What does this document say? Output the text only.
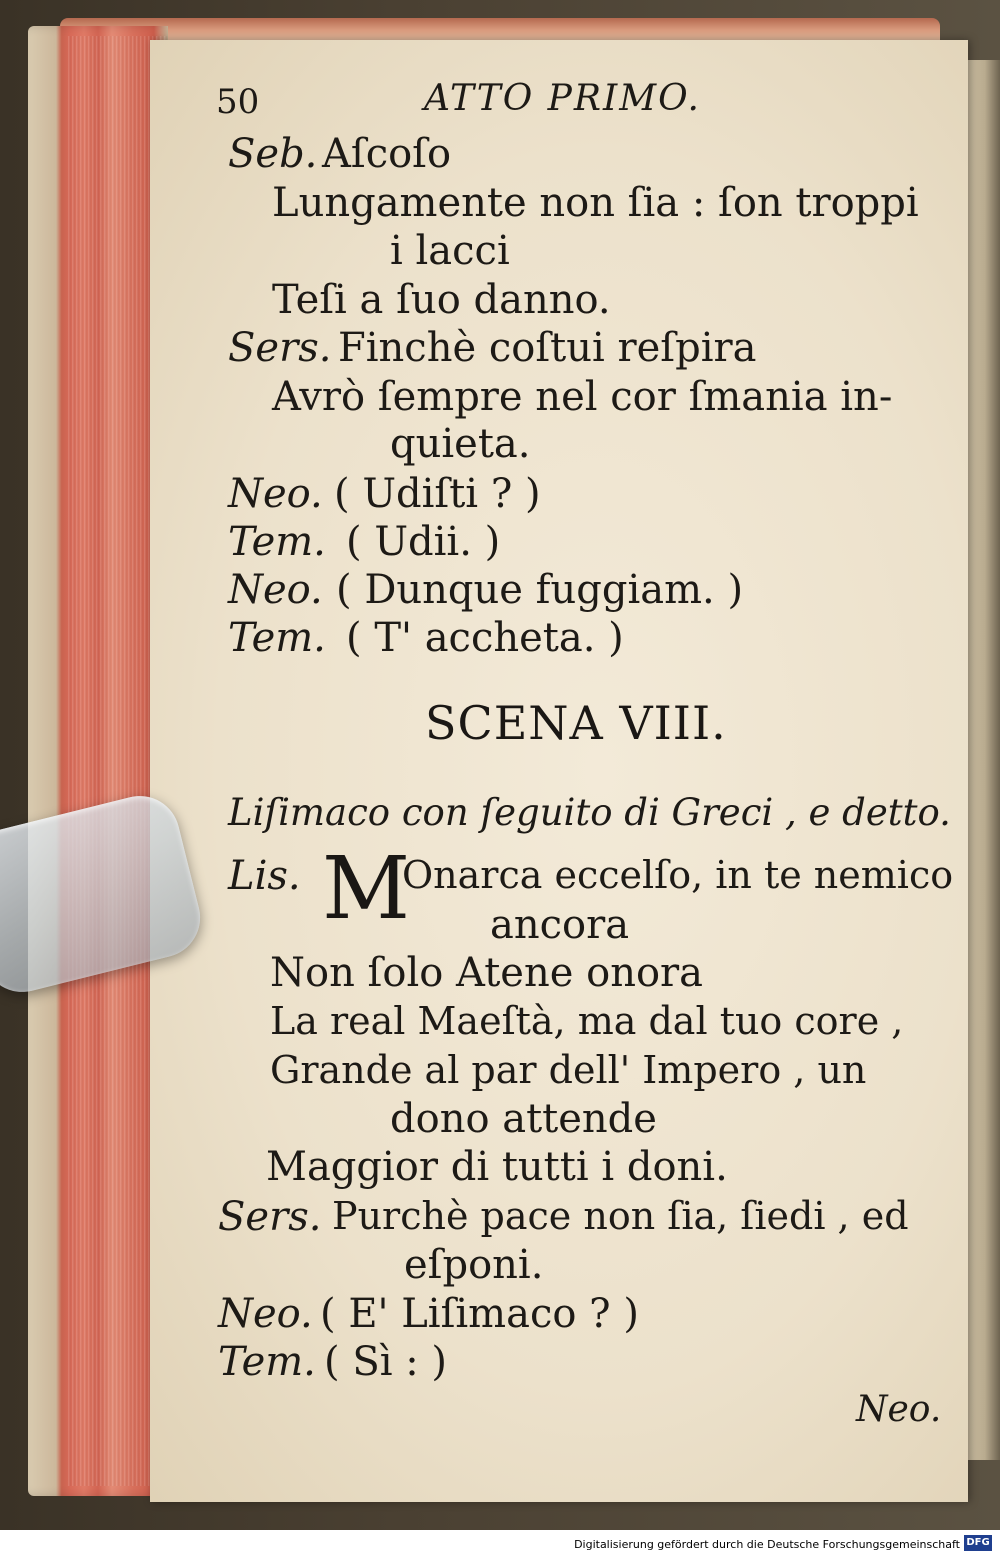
50	ATTO PRIMO.
Seb. Aſcoſo
Lungamente non ſia : ſon troppi
i lacci
Teſi a ſuo danno.
Sers. Finchè coſtui reſpira
Avrò ſempre nel cor ſmania in-
quieta.
Neo. ( Udiſti ? )
Tem. ( Udii. )
Neo. ( Dunque fuggiam. )
Tem. ( T' accheta. )
SCENA VIII.
Liſimaco con ſeguito di Greci , e detto.
Lis. M
Onarca eccelſo, in te nemico
ancora
Non ſolo Atene onora
La real Maeſtà, ma dal tuo core ,
Grande al par dell' Impero , un
dono attende
Maggior di tutti i doni.
Sers. Purchè pace non ſia, ſiedi , ed
eſponi.
Neo. ( E' Liſimaco ? )
Tem. ( Sì : )
Neo.
Digitalisierung gefördert durch die Deutsche Forschungsgemeinschaft DFG
